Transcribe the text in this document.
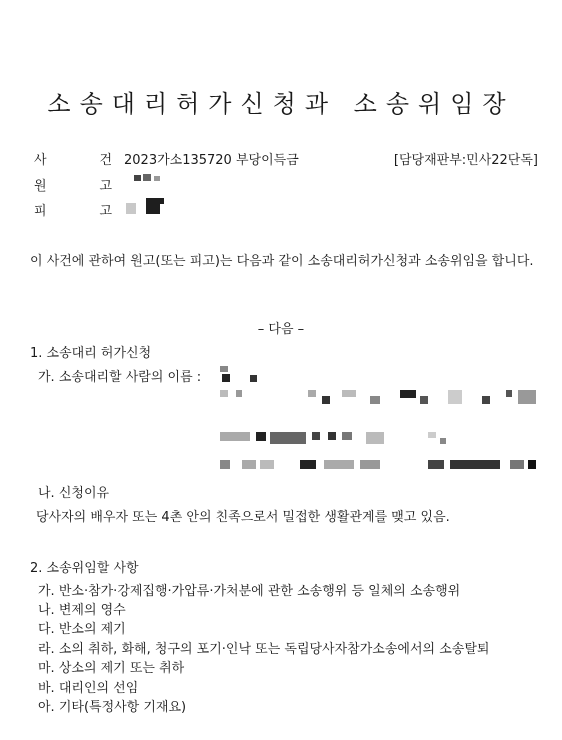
소송대리허가신청과 소송위임장
사	건 2023가소135720 부당이득금	[담당재판부:민사22단독]
원	고
피	고
이 사건에 관하여 원고(또는 피고)는 다음과 같이 소송대리허가신청과 소송위임을 합니다.
– 다음 –
1. 소송대리 허가신청
가. 소송대리할 사람의 이름 :
나. 신청이유
당사자의 배우자 또는 4촌 안의 친족으로서 밀접한 생활관계를 맺고 있음.
2. 소송위임할 사항
가. 반소·참가·강제집행·가압류·가처분에 관한 소송행위 등 일체의 소송행위
나. 변제의 영수
다. 반소의 제기
라. 소의 취하, 화해, 청구의 포기·인낙 또는 독립당사자참가소송에서의 소송탈퇴
마. 상소의 제기 또는 취하
바. 대리인의 선임
아. 기타(특정사항 기재요)
